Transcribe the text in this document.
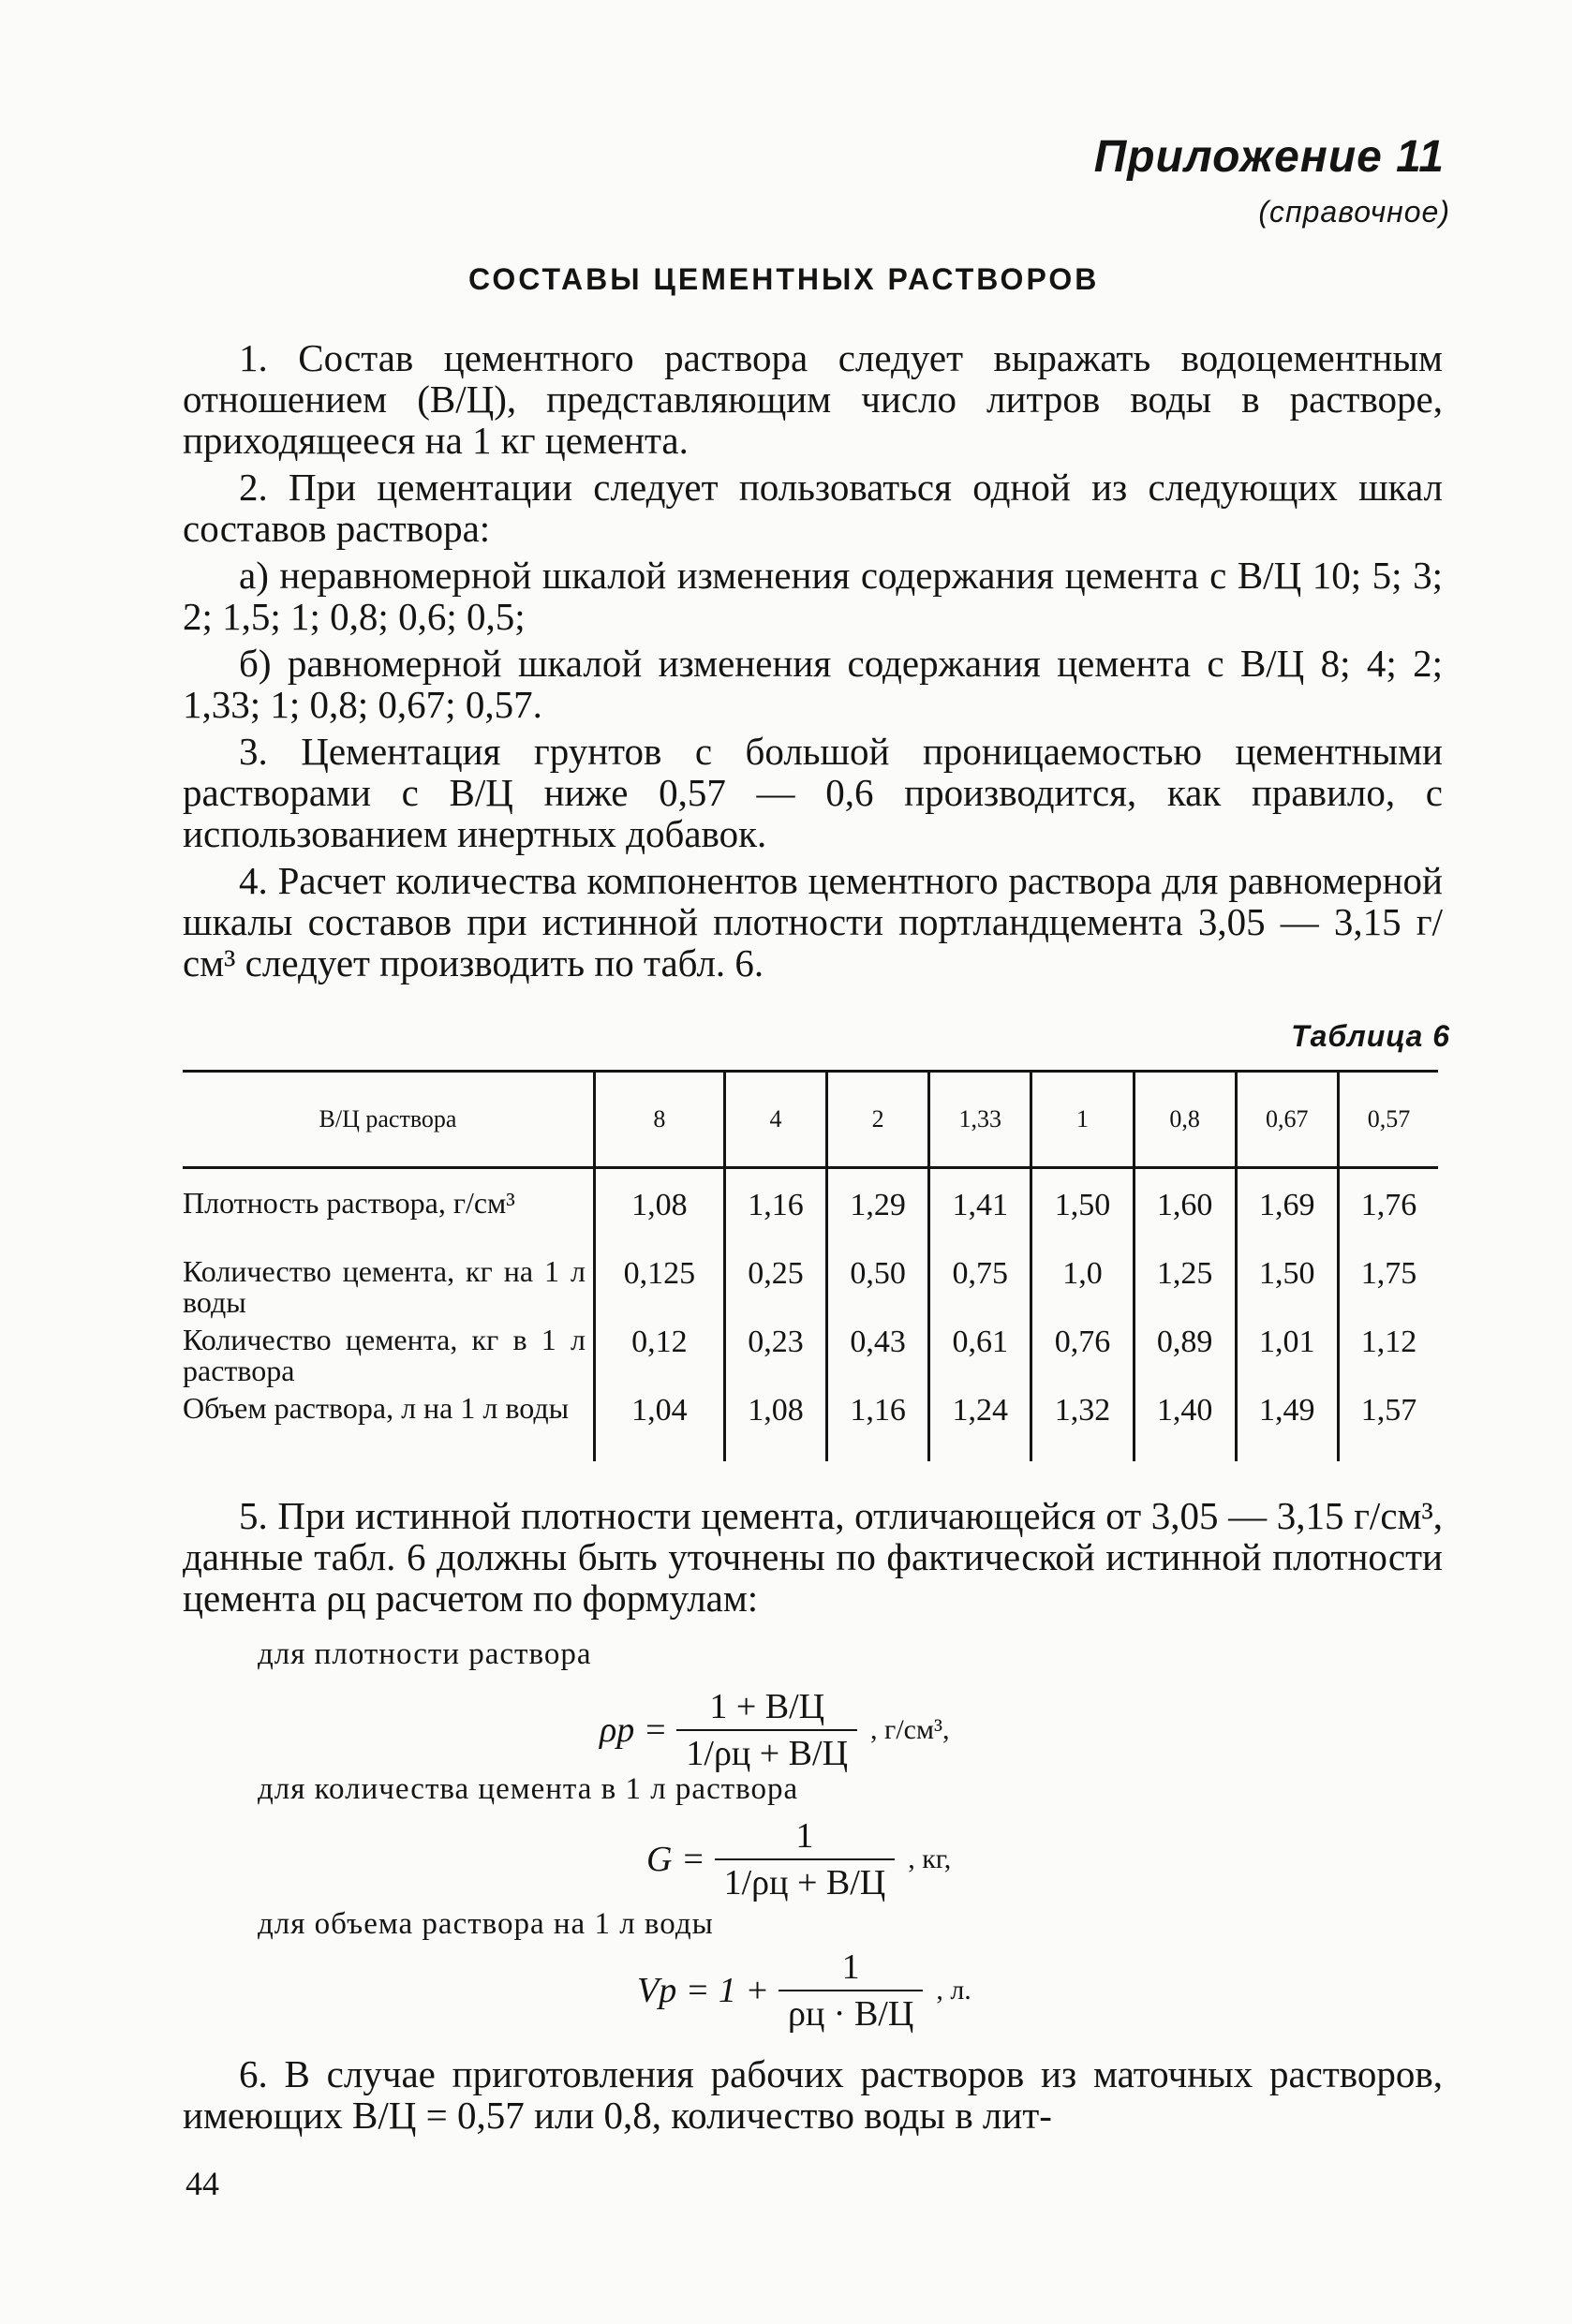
Приложение 11
(справочное)
СОСТАВЫ ЦЕМЕНТНЫХ РАСТВОРОВ

1. Состав цементного раствора следует выражать водоцементным отношением (В/Ц), представляющим число литров воды в растворе, приходящееся на 1 кг цемента.

2. При цементации следует пользоваться одной из следующих шкал составов раствора:

а) неравномерной шкалой изменения содержания цемента с В/Ц 10; 5; 3; 2; 1,5; 1; 0,8; 0,6; 0,5;

б) равномерной шкалой изменения содержания цемента с В/Ц 8; 4; 2; 1,33; 1; 0,8; 0,67; 0,57.

3. Цементация грунтов с большой проницаемостью цементными растворами с В/Ц ниже 0,57 — 0,6 производится, как правило, с использованием инертных добавок.

4. Расчет количества компонентов цементного раствора для равномерной шкалы составов при истинной плотности портландцемента 3,05 — 3,15 г/см³ следует производить по табл. 6.

Таблица 6
В/Ц раствора	8	4	2	1,33	1	0,8	0,67	0,57

Плотность раствора, г/см³	1,08	1,16	1,29	1,41	1,50	1,60	1,69	1,76
Количество цемента, кг на 1 л воды	0,125	0,25	0,50	0,75	1,0	1,25	1,50	1,75
Количество цемента, кг в 1 л раствора	0,12	0,23	0,43	0,61	0,76	0,89	1,01	1,12
Объем раствора, л на 1 л воды	1,04	1,08	1,16	1,24	1,32	1,40	1,49	1,57

5. При истинной плотности цемента, отличающейся от 3,05 — 3,15 г/см³, данные табл. 6 должны быть уточнены по фактической истинной плотности цемента ρц расчетом по формулам:

для плотности раствора
$\rho р = \frac{1 + В/Ц}{1/\rho ц + В/Ц}$ , г/см³,
для количества цемента в 1 л раствора
$G = \frac{1}{1/\rho ц + В/Ц}$ , кг,
для объема раствора на 1 л воды
Vр = $1 + \frac{1}{\rho ц \cdot В/Ц}$ , л.

6. В случае приготовления рабочих растворов из маточных растворов, имеющих В/Ц = 0,57 или 0,8, количество воды в лит-

44
